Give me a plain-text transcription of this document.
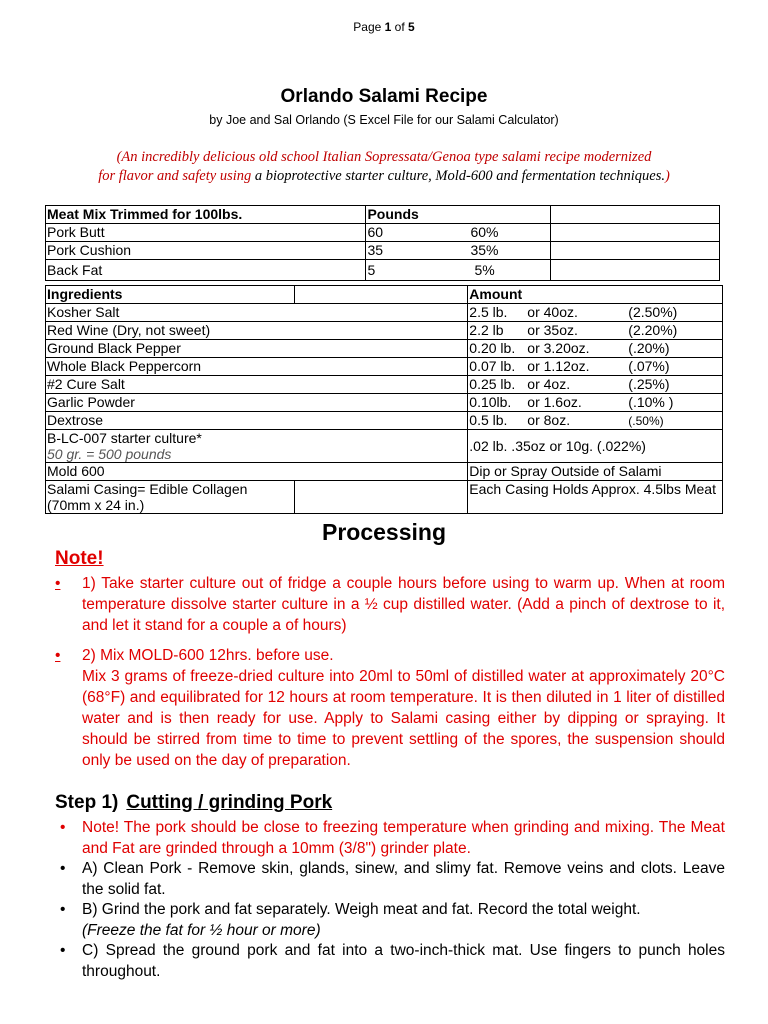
Page 1 of 5
Orlando Salami Recipe
by Joe and Sal Orlando (S Excel File for our Salami Calculator)
(An incredibly delicious old school Italian Sopressata/Genoa type salami recipe modernized
for flavor and safety using a bioprotective starter culture, Mold-600 and fermentation techniques.)
Meat Mix Trimmed for 100lbs.	Pounds	
Pork Butt	60 60%	
Pork Cushion	35 35%	
Back Fat	5 5%	
Ingredients		Amount
Kosher Salt		2.5 lb. or 40oz. (2.50%)
Red Wine (Dry, not sweet)		2.2 lb or 35oz. (2.20%)
Ground Black Pepper		0.20 lb. or 3.20oz. (.20%)
Whole Black Peppercorn		0.07 lb. or 1.12oz. (.07%)
#2 Cure Salt		0.25 lb. or 4oz. (.25%)
Garlic Powder		0.10lb. or 1.6oz. (.10% )
Dextrose		0.5 lb. or 8oz. (.50%)

B-LC-007 starter culture*
50 gr. = 500 pounds		.02 lb. .35oz or 10g. (.022%)
Mold 600		Dip or Spray Outside of Salami
Salami Casing= Edible Collagen (70mm x 24 in.)		Each Casing Holds Approx. 4.5lbs Meat
Processing
Note!
• 1) Take starter culture out of fridge a couple hours before using to warm up. When at room temperature dissolve starter culture in a ½ cup distilled water. (Add a pinch of dextrose to it, and let it stand for a couple a of hours)
• 2) Mix MOLD-600 12hrs. before use.
Mix 3 grams of freeze-dried culture into 20ml to 50ml of distilled water at approximately 20°C (68°F) and equilibrated for 12 hours at room temperature. It is then diluted in 1 liter of distilled water and is then ready for use. Apply to Salami casing either by dipping or spraying. It should be stirred from time to time to prevent settling of the spores, the suspension should only be used on the day of preparation.
Step 1) Cutting / grinding Pork
• Note! The pork should be close to freezing temperature when grinding and mixing. The Meat and Fat are grinded through a 10mm (3/8") grinder plate.
• A) Clean Pork - Remove skin, glands, sinew, and slimy fat. Remove veins and clots. Leave the solid fat.
• B) Grind the pork and fat separately. Weigh meat and fat. Record the total weight.
(Freeze the fat for ½ hour or more)
• C) Spread the ground pork and fat into a two-inch-thick mat. Use fingers to punch holes throughout.
